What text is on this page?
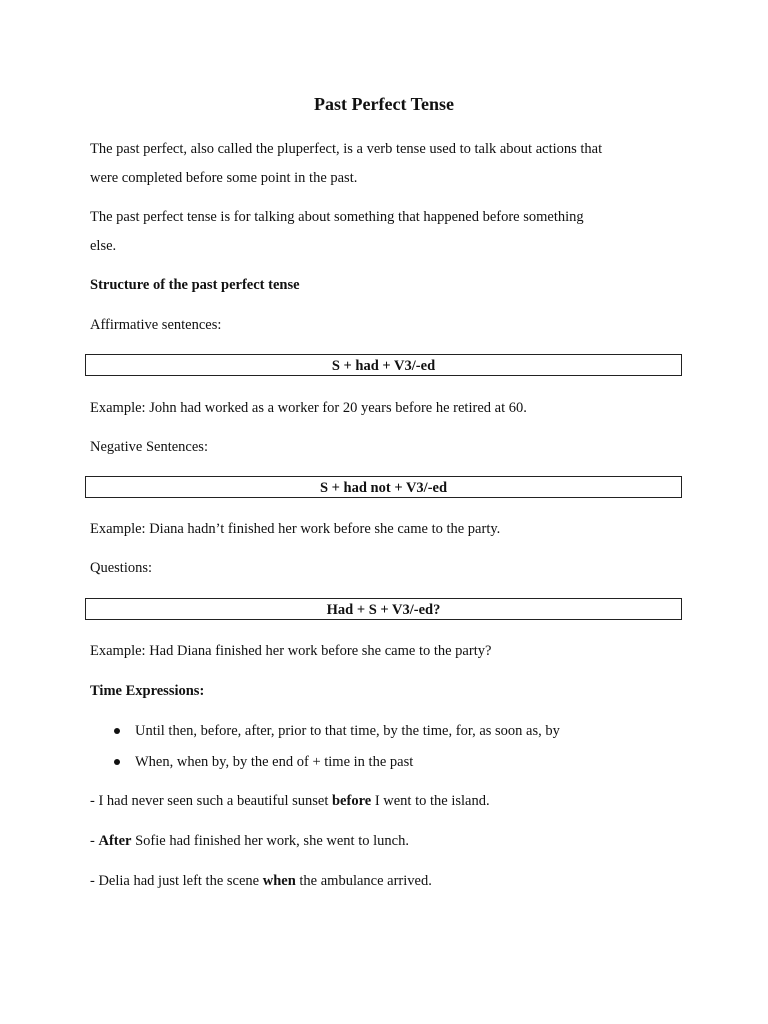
Past Perfect Tense
The past perfect, also called the pluperfect, is a verb tense used to talk about actions that
were completed before some point in the past.
The past perfect tense is for talking about something that happened before something
else.
Structure of the past perfect tense
Affirmative sentences:
S + had + V3/-ed
Example: John had worked as a worker for 20 years before he retired at 60.
Negative Sentences:
S + had not + V3/-ed
Example: Diana hadn’t finished her work before she came to the party.
Questions:
Had + S + V3/-ed?
Example: Had Diana finished her work before she came to the party?
Time Expressions:
Until then, before, after, prior to that time, by the time, for, as soon as, by
When, when by, by the end of + time in the past
- I had never seen such a beautiful sunset before I went to the island.
- After Sofie had finished her work, she went to lunch.
- Delia had just left the scene when the ambulance arrived.
